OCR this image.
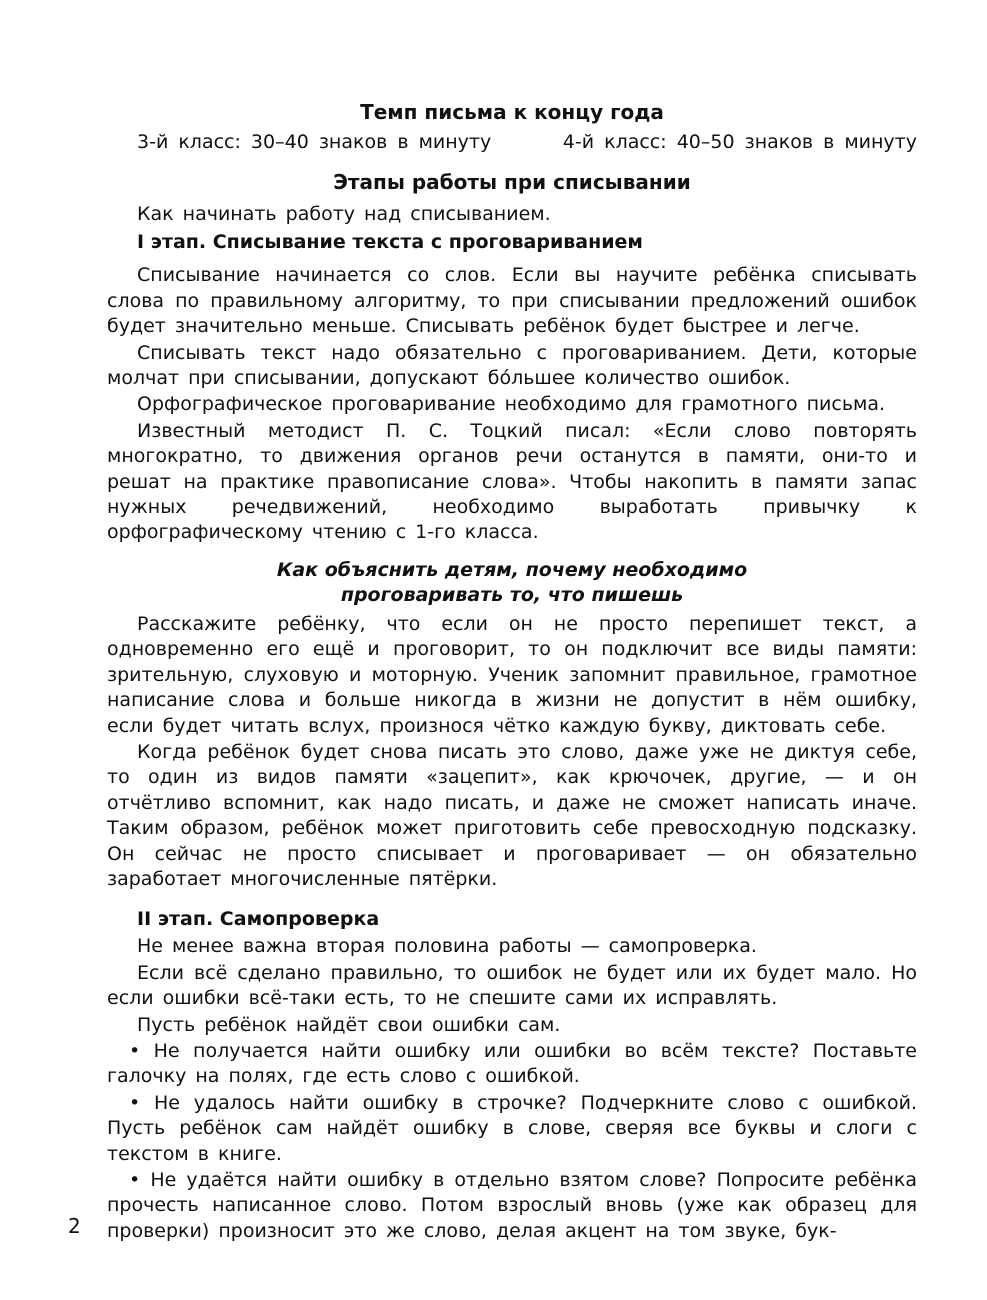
Темп письма к концу года
3-й класс: 30–40 знаков в минуту	4-й класс: 40–50 знаков в минуту
Этапы работы при списывании

Как начинать работу над списыванием.

I этап. Списывание текста с проговариванием

Списывание начинается со слов. Если вы научите ребёнка списывать слова по правильному алгоритму, то при списывании предложений ошибок будет значительно меньше. Списывать ребёнок будет быстрее и легче.

Списывать текст надо обязательно с проговариванием. Дети, которые молчат при списывании, допускают бо́льшее количество ошибок.

Орфографическое проговаривание необходимо для грамотного письма.

Известный методист П. С. Тоцкий писал: «Если слово повторять многократно, то движения органов речи останутся в памяти, они-то и решат на практике правописание слова». Чтобы накопить в памяти запас нужных речедвижений, необходимо выработать привычку к орфографическому чтению с 1-го класса.

Как объяснить детям, почему необходимо
проговаривать то, что пишешь

Расскажите ребёнку, что если он не просто перепишет текст, а одновременно его ещё и проговорит, то он подключит все виды памяти: зрительную, слуховую и моторную. Ученик запомнит правильное, грамотное написание слова и больше никогда в жизни не допустит в нём ошибку, если будет читать вслух, произнося чётко каждую букву, диктовать себе.

Когда ребёнок будет снова писать это слово, даже уже не диктуя себе, то один из видов памяти «зацепит», как крючочек, другие, — и он отчётливо вспомнит, как надо писать, и даже не сможет написать иначе. Таким образом, ребёнок может приготовить себе превосходную подсказку. Он сейчас не просто списывает и проговаривает — он обязательно заработает многочисленные пятёрки.

II этап. Самопроверка

Не менее важна вторая половина работы — самопроверка.

Если всё сделано правильно, то ошибок не будет или их будет мало. Но если ошибки всё-таки есть, то не спешите сами их исправлять.

Пусть ребёнок найдёт свои ошибки сам.

• Не получается найти ошибку или ошибки во всём тексте? Поставьте галочку на полях, где есть слово с ошибкой.

• Не удалось найти ошибку в строчке? Подчеркните слово с ошибкой. Пусть ребёнок сам найдёт ошибку в слове, сверяя все буквы и слоги с текстом в книге.

• Не удаётся найти ошибку в отдельно взятом слове? Попросите ребёнка прочесть написанное слово. Потом взрослый вновь (уже как образец для проверки) произносит это же слово, делая акцент на том звуке, бук-

2
